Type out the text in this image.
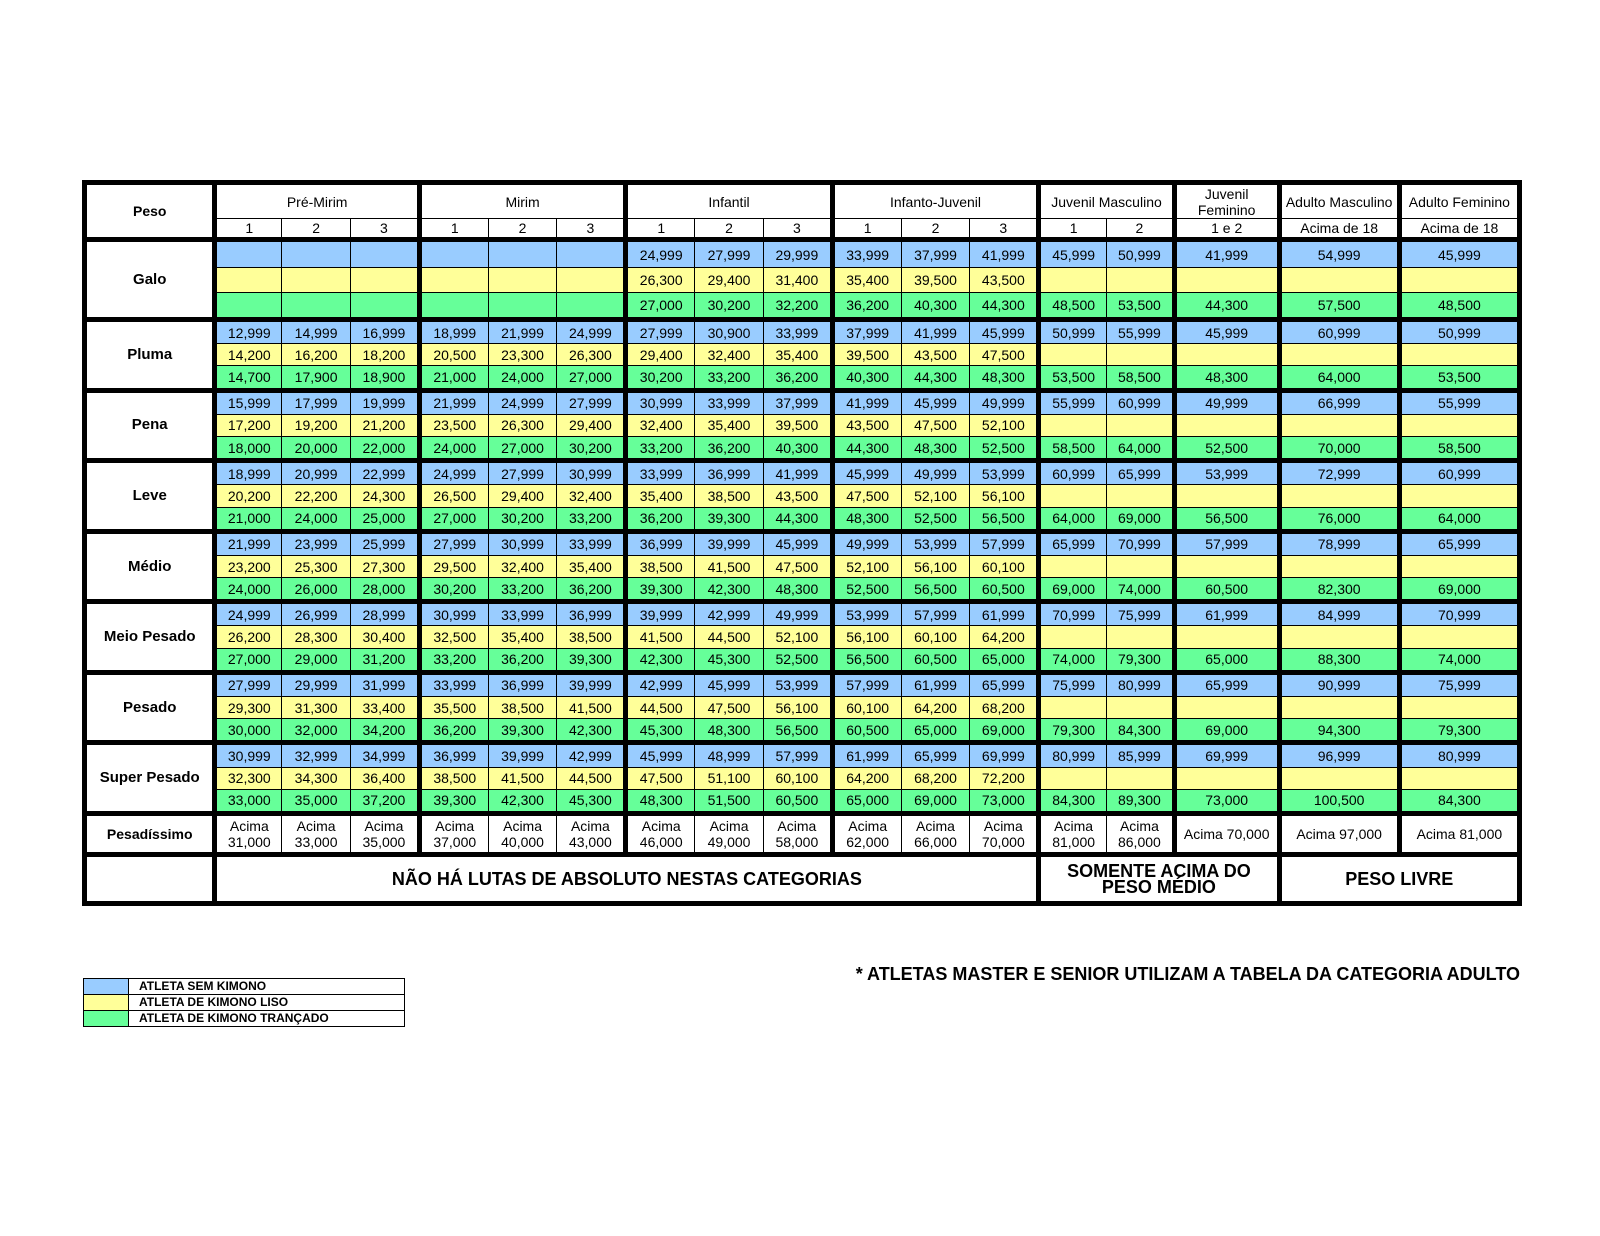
Peso	Pré-Mirim			Mirim			Infantil			Infanto-Juvenil			Juvenil Masculino		Juvenil Feminino	Adulto Masculino	Adulto Feminino
	1	2	3	1	2	3	1	2	3	1	2	3	1	2	1 e 2	Acima de 18	Acima de 18
Galo							24,999	27,999	29,999	33,999	37,999	41,999	45,999	50,999	41,999	54,999	45,999
							26,300	29,400	31,400	35,400	39,500	43,500					
							27,000	30,200	32,200	36,200	40,300	44,300	48,500	53,500	44,300	57,500	48,500
Pluma	12,999	14,999	16,999	18,999	21,999	24,999	27,999	30,900	33,999	37,999	41,999	45,999	50,999	55,999	45,999	60,999	50,999
	14,200	16,200	18,200	20,500	23,300	26,300	29,400	32,400	35,400	39,500	43,500	47,500					
	14,700	17,900	18,900	21,000	24,000	27,000	30,200	33,200	36,200	40,300	44,300	48,300	53,500	58,500	48,300	64,000	53,500
Pena	15,999	17,999	19,999	21,999	24,999	27,999	30,999	33,999	37,999	41,999	45,999	49,999	55,999	60,999	49,999	66,999	55,999
	17,200	19,200	21,200	23,500	26,300	29,400	32,400	35,400	39,500	43,500	47,500	52,100					
	18,000	20,000	22,000	24,000	27,000	30,200	33,200	36,200	40,300	44,300	48,300	52,500	58,500	64,000	52,500	70,000	58,500
Leve	18,999	20,999	22,999	24,999	27,999	30,999	33,999	36,999	41,999	45,999	49,999	53,999	60,999	65,999	53,999	72,999	60,999
	20,200	22,200	24,300	26,500	29,400	32,400	35,400	38,500	43,500	47,500	52,100	56,100					
	21,000	24,000	25,000	27,000	30,200	33,200	36,200	39,300	44,300	48,300	52,500	56,500	64,000	69,000	56,500	76,000	64,000
Médio	21,999	23,999	25,999	27,999	30,999	33,999	36,999	39,999	45,999	49,999	53,999	57,999	65,999	70,999	57,999	78,999	65,999
	23,200	25,300	27,300	29,500	32,400	35,400	38,500	41,500	47,500	52,100	56,100	60,100					
	24,000	26,000	28,000	30,200	33,200	36,200	39,300	42,300	48,300	52,500	56,500	60,500	69,000	74,000	60,500	82,300	69,000
Meio Pesado	24,999	26,999	28,999	30,999	33,999	36,999	39,999	42,999	49,999	53,999	57,999	61,999	70,999	75,999	61,999	84,999	70,999
	26,200	28,300	30,400	32,500	35,400	38,500	41,500	44,500	52,100	56,100	60,100	64,200					
	27,000	29,000	31,200	33,200	36,200	39,300	42,300	45,300	52,500	56,500	60,500	65,000	74,000	79,300	65,000	88,300	74,000
Pesado	27,999	29,999	31,999	33,999	36,999	39,999	42,999	45,999	53,999	57,999	61,999	65,999	75,999	80,999	65,999	90,999	75,999
	29,300	31,300	33,400	35,500	38,500	41,500	44,500	47,500	56,100	60,100	64,200	68,200					
	30,000	32,000	34,200	36,200	39,300	42,300	45,300	48,300	56,500	60,500	65,000	69,000	79,300	84,300	69,000	94,300	79,300
Super Pesado	30,999	32,999	34,999	36,999	39,999	42,999	45,999	48,999	57,999	61,999	65,999	69,999	80,999	85,999	69,999	96,999	80,999
	32,300	34,300	36,400	38,500	41,500	44,500	47,500	51,100	60,100	64,200	68,200	72,200					
	33,000	35,000	37,200	39,300	42,300	45,300	48,300	51,500	60,500	65,000	69,000	73,000	84,300	89,300	73,000	100,500	84,300
Pesadíssimo	Acima 31,000	Acima 33,000	Acima 35,000	Acima 37,000	Acima 40,000	Acima 43,000	Acima 46,000	Acima 49,000	Acima 58,000	Acima 62,000	Acima 66,000	Acima 70,000	Acima 81,000	Acima 86,000	Acima 70,000	Acima 97,000	Acima 81,000
	NÃO HÁ LUTAS DE ABSOLUTO NESTAS CATEGORIAS												SOMENTE ACIMA DO PESO MÉDIO			PESO LIVRE	
	ATLETA SEM KIMONO
	ATLETA DE KIMONO LISO
	ATLETA DE KIMONO TRANÇADO
* ATLETAS MASTER E SENIOR UTILIZAM A TABELA DA CATEGORIA ADULTO
